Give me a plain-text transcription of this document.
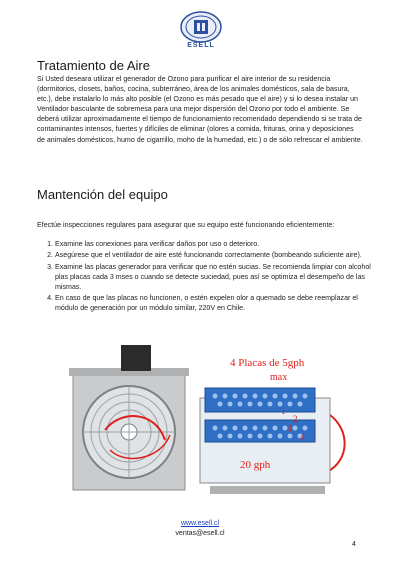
ESELL
Tratamiento de Aire

Si Usted deseara utilizar el generador de Ozono para purificar el aire interior de su residencia (dormitorios, closets, baños, cocina, subterráneo, área de los animales domésticos, sala de basura, etc.), debe instalarlo lo más alto posible (el Ozono es más pesado que el aire) y si lo desea instalar un Ventilador basculante de sobremesa para una mejor dispersión del Ozono por todo el ambiente. Se deberá utilizar aproximadamente el tiempo de funcionamiento recomendado dependiendo si se trata de contaminantes intensos, fuertes y difíciles de eliminar (olores a comida, frituras, orina y deposiciones de animales domésticos, humo de cigarrillo, moho de la humedad, etc.) o de sólo refrescar el ambiente.

Mantención del equipo

Efectúe inspecciones regulares para asegurar que su equipo esté funcionando eficientemente:

1. Examine las conexiones para verificar daños por uso o deterioro.
2. Asegúrese que el ventilador de aire esté funcionando correctamente (bombeando suficiente aire).
3. Examine las placas generador para verificar que no estén sucias. Se recomienda limpiar con alcohol plas placas cada 3 mses o cuando se detecte suciedad, pues así se optimiza el desempeño de las mismas.
4. En caso de que las placas no funcionen, o estén expelen olor a quemado se debe reemplazar el módulo de generación por un módulo similar, 220V en Chile.
4 Placas de 5gph
max
20 gph
1
2
3
4
www.esell.cl
ventas@esell.cl
4
